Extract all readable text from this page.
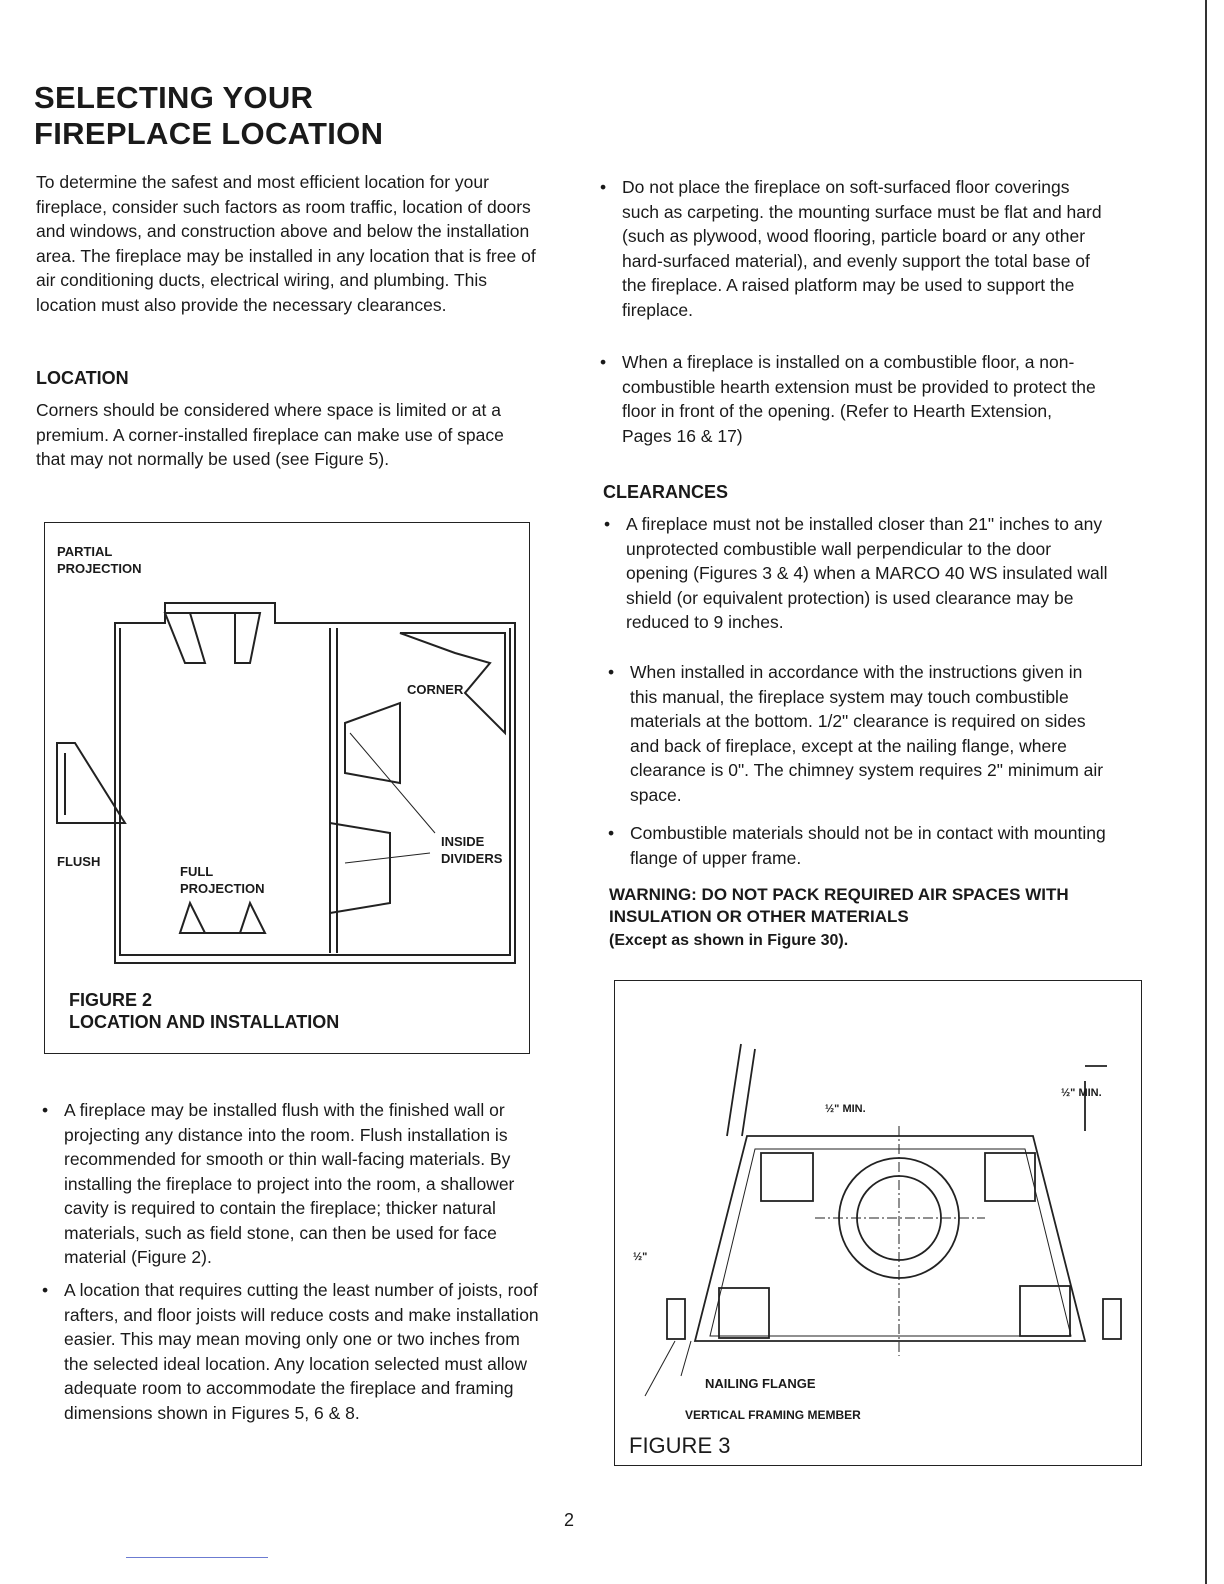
SELECTING YOUR
FIREPLACE LOCATION

To determine the safest and most efficient location for your fireplace, consider such factors as room traffic, location of doors and windows, and construction above and below the installation area. The fireplace may be installed in any location that is free of air conditioning ducts, electrical wiring, and plumbing. This location must also provide the necessary clearances.

LOCATION

Corners should be considered where space is limited or at a premium. A corner-installed fireplace can make use of space that may not normally be used (see Figure 5).

PARTIAL PROJECTION
CORNER
INSIDE DIVIDERS
FLUSH
FULL PROJECTION
FIGURE 2
LOCATION AND INSTALLATION
• A fireplace may be installed flush with the finished wall or projecting any distance into the room. Flush installation is recommended for smooth or thin wall-facing materials. By installing the fireplace to project into the room, a shallower cavity is required to contain the fireplace; thicker natural materials, such as field stone, can then be used for face material (Figure 2).
• A location that requires cutting the least number of joists, roof rafters, and floor joists will reduce costs and make installation easier. This may mean moving only one or two inches from the selected ideal location. Any location selected must allow adequate room to accommodate the fireplace and framing dimensions shown in Figures 5, 6 & 8.
• Do not place the fireplace on soft-surfaced floor coverings such as carpeting. the mounting surface must be flat and hard (such as plywood, wood flooring, particle board or any other hard-surfaced material), and evenly support the total base of the fireplace. A raised platform may be used to support the fireplace.
• When a fireplace is installed on a combustible floor, a non-combustible hearth extension must be provided to protect the floor in front of the opening. (Refer to Hearth Extension, Pages 16 & 17)

CLEARANCES

• A fireplace must not be installed closer than 21" inches to any unprotected combustible wall perpendicular to the door opening (Figures 3 & 4) when a MARCO 40 WS insulated wall shield (or equivalent protection) is used clearance may be reduced to 9 inches.
• When installed in accordance with the instructions given in this manual, the fireplace system may touch combustible materials at the bottom. 1/2" clearance is required on sides and back of fireplace, except at the nailing flange, where clearance is 0". The chimney system requires 2" minimum air space.
• Combustible materials should not be in contact with mounting flange of upper frame.
WARNING: DO NOT PACK REQUIRED AIR SPACES WITH INSULATION OR OTHER MATERIALS
(Except as shown in Figure 30).
½" MIN.
½" MIN.
½"
NAILING FLANGE
VERTICAL FRAMING MEMBER
FIGURE 3
2
